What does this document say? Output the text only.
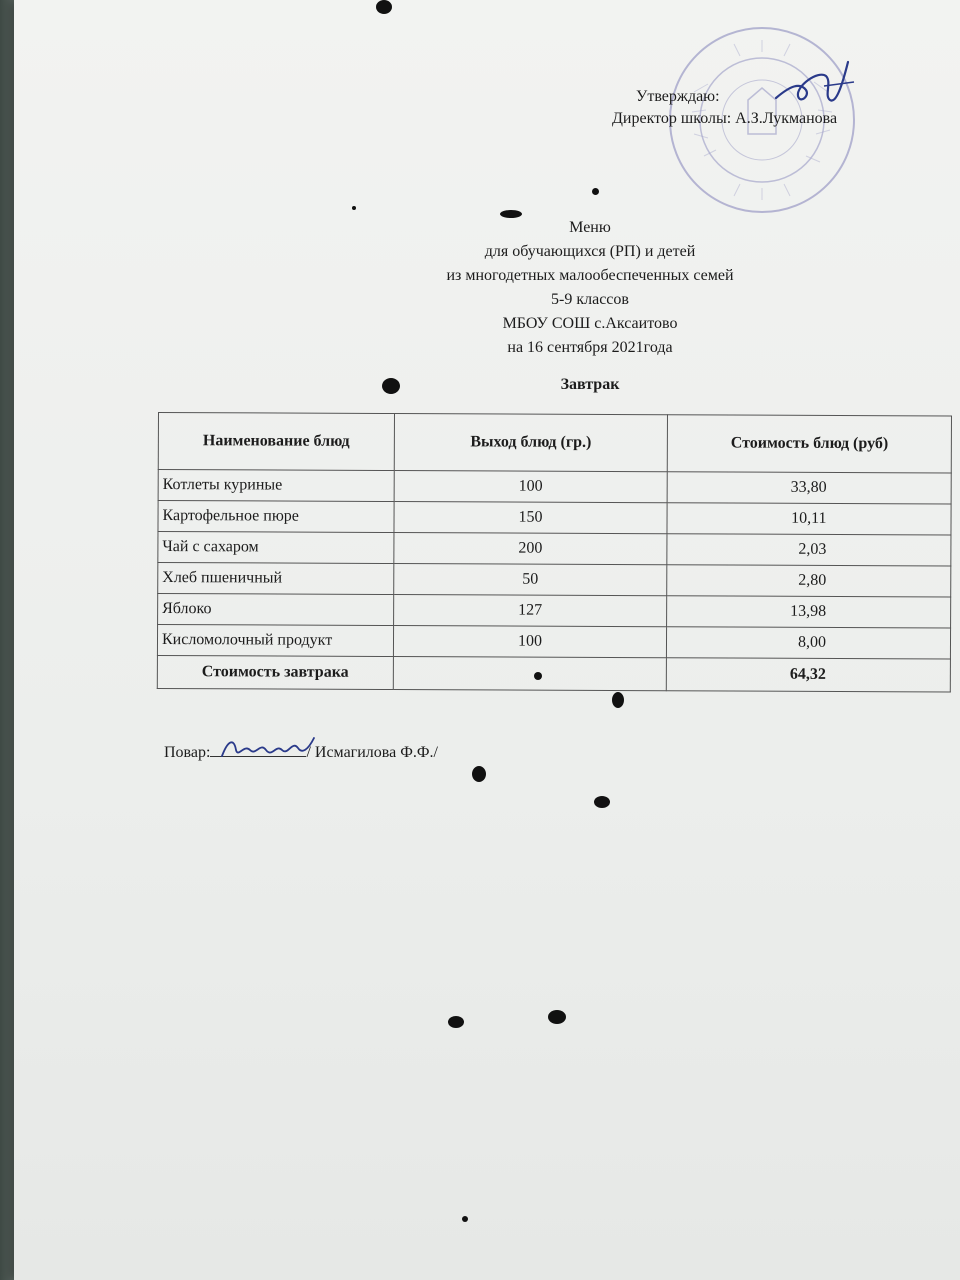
Утверждаю:
Директор школы: А.З.Лукманова
Меню
для обучающихся (РП) и детей
из многодетных малообеспеченных семей
5-9 классов
МБОУ СОШ с.Аксаитово
на 16 сентября 2021года
Завтрак
Наименование блюд	Выход блюд (гр.)	Стоимость блюд (руб)
Котлеты куриные	100	33,80
Картофельное пюре	150	10,11
Чай с сахаром	200	2,03
Хлеб пшеничный	50	2,80
Яблоко	127	13,98
Кисломолочный продукт	100	8,00
Стоимость завтрака		64,32
Повар:	/ Исмагилова Ф.Ф./
